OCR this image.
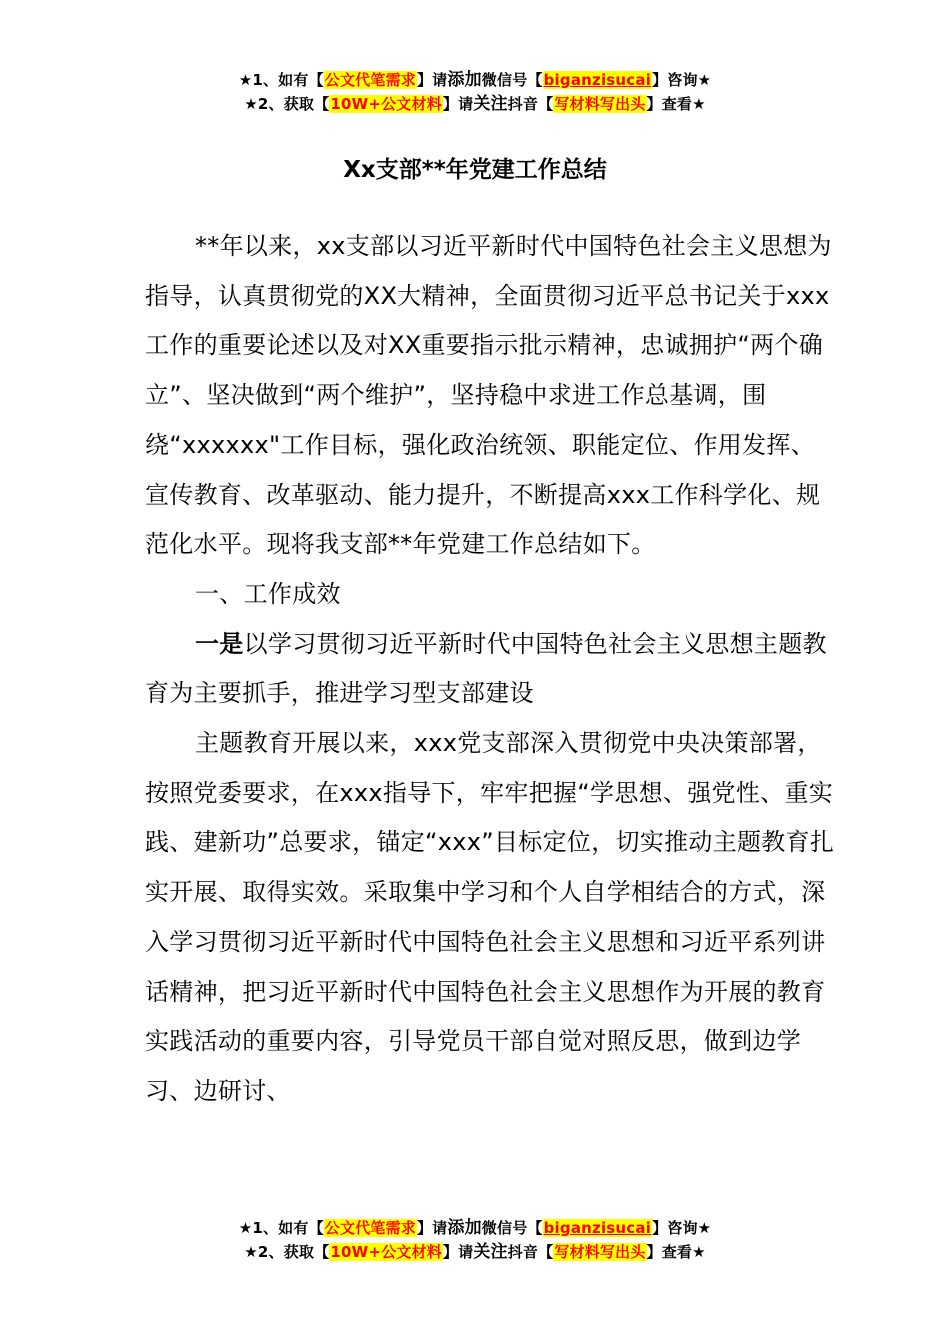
★1、如有【公文代笔需求】请添加微信号【biganzisucai】咨询★
★2、获取【10W+公文材料】请关注抖音【写材料写出头】查看★
Xx支部**年党建工作总结

**年以来，xx支部以习近平新时代中国特色社会主义思想为指导，认真贯彻党的XX大精神，全面贯彻习近平总书记关于xxx工作的重要论述以及对XX重要指示批示精神，忠诚拥护“两个确立”、坚决做到“两个维护”，坚持稳中求进工作总基调，围绕“xxxxxx"工作目标，强化政治统领、职能定位、作用发挥、宣传教育、改革驱动、能力提升，不断提高xxx工作科学化、规范化水平。现将我支部**年党建工作总结如下。

一、工作成效

一是以学习贯彻习近平新时代中国特色社会主义思想主题教育为主要抓手，推进学习型支部建设

主题教育开展以来，xxx党支部深入贯彻党中央决策部署，按照党委要求，在xxx指导下，牢牢把握“学思想、强党性、重实践、建新功”总要求，锚定“xxx”目标定位，切实推动主题教育扎实开展、取得实效。采取集中学习和个人自学相结合的方式，深入学习贯彻习近平新时代中国特色社会主义思想和习近平系列讲话精神，把习近平新时代中国特色社会主义思想作为开展的教育实践活动的重要内容，引导党员干部自觉对照反思，做到边学习、边研讨、

★1、如有【公文代笔需求】请添加微信号【biganzisucai】咨询★
★2、获取【10W+公文材料】请关注抖音【写材料写出头】查看★
